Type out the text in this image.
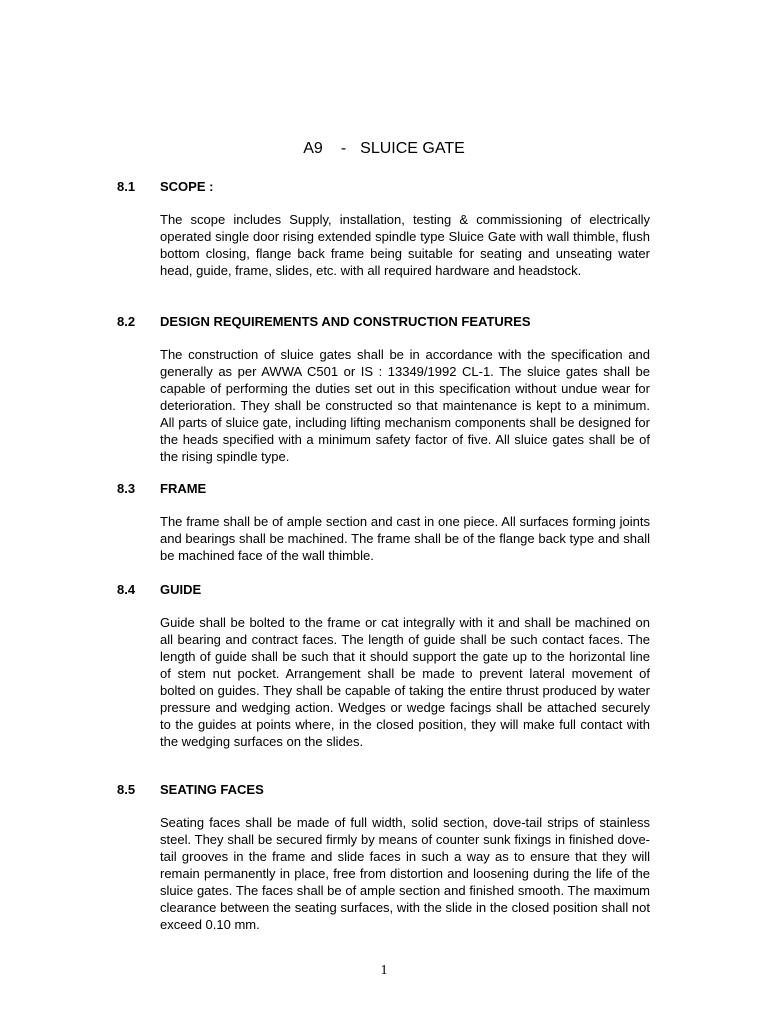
A9 - SLUICE GATE
8.1 SCOPE :

The scope includes Supply, installation, testing & commissioning of electrically operated single door rising extended spindle type Sluice Gate with wall thimble, flush bottom closing, flange back frame being suitable for seating and unseating water head, guide, frame, slides, etc. with all required hardware and headstock.

8.2 DESIGN REQUIREMENTS AND CONSTRUCTION FEATURES

The construction of sluice gates shall be in accordance with the specification and generally as per AWWA C501 or IS : 13349/1992 CL-1. The sluice gates shall be capable of performing the duties set out in this specification without undue wear for deterioration. They shall be constructed so that maintenance is kept to a minimum. All parts of sluice gate, including lifting mechanism components shall be designed for the heads specified with a minimum safety factor of five. All sluice gates shall be of the rising spindle type.

8.3 FRAME

The frame shall be of ample section and cast in one piece. All surfaces forming joints and bearings shall be machined. The frame shall be of the flange back type and shall be machined face of the wall thimble.

8.4 GUIDE

Guide shall be bolted to the frame or cat integrally with it and shall be machined on all bearing and contract faces. The length of guide shall be such contact faces. The length of guide shall be such that it should support the gate up to the horizontal line of stem nut pocket. Arrangement shall be made to prevent lateral movement of bolted on guides. They shall be capable of taking the entire thrust produced by water pressure and wedging action. Wedges or wedge facings shall be attached securely to the guides at points where, in the closed position, they will make full contact with the wedging surfaces on the slides.

8.5 SEATING FACES

Seating faces shall be made of full width, solid section, dove-tail strips of stainless steel. They shall be secured firmly by means of counter sunk fixings in finished dove-tail grooves in the frame and slide faces in such a way as to ensure that they will remain permanently in place, free from distortion and loosening during the life of the sluice gates. The faces shall be of ample section and finished smooth. The maximum clearance between the seating surfaces, with the slide in the closed position shall not exceed 0.10 mm.

1
